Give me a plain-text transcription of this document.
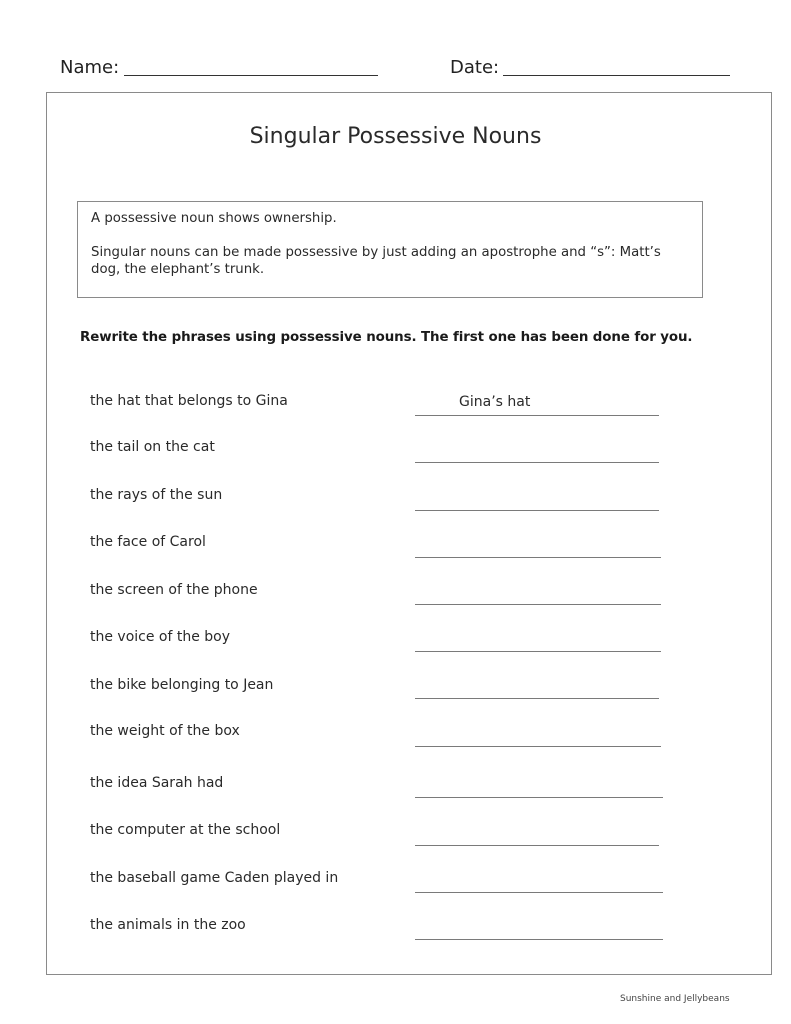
Name:	Date:
Singular Possessive Nouns

A possessive noun shows ownership.

Singular nouns can be made possessive by just adding an apostrophe and “s”: Matt’s dog, the elephant’s trunk.

Rewrite the phrases using possessive nouns. The first one has been done for you.
the hat that belongs to Gina	Gina’s hat
the tail on the cat
the rays of the sun
the face of Carol
the screen of the phone
the voice of the boy
the bike belonging to Jean
the weight of the box
the idea Sarah had
the computer at the school
the baseball game Caden played in
the animals in the zoo
Sunshine and Jellybeans
